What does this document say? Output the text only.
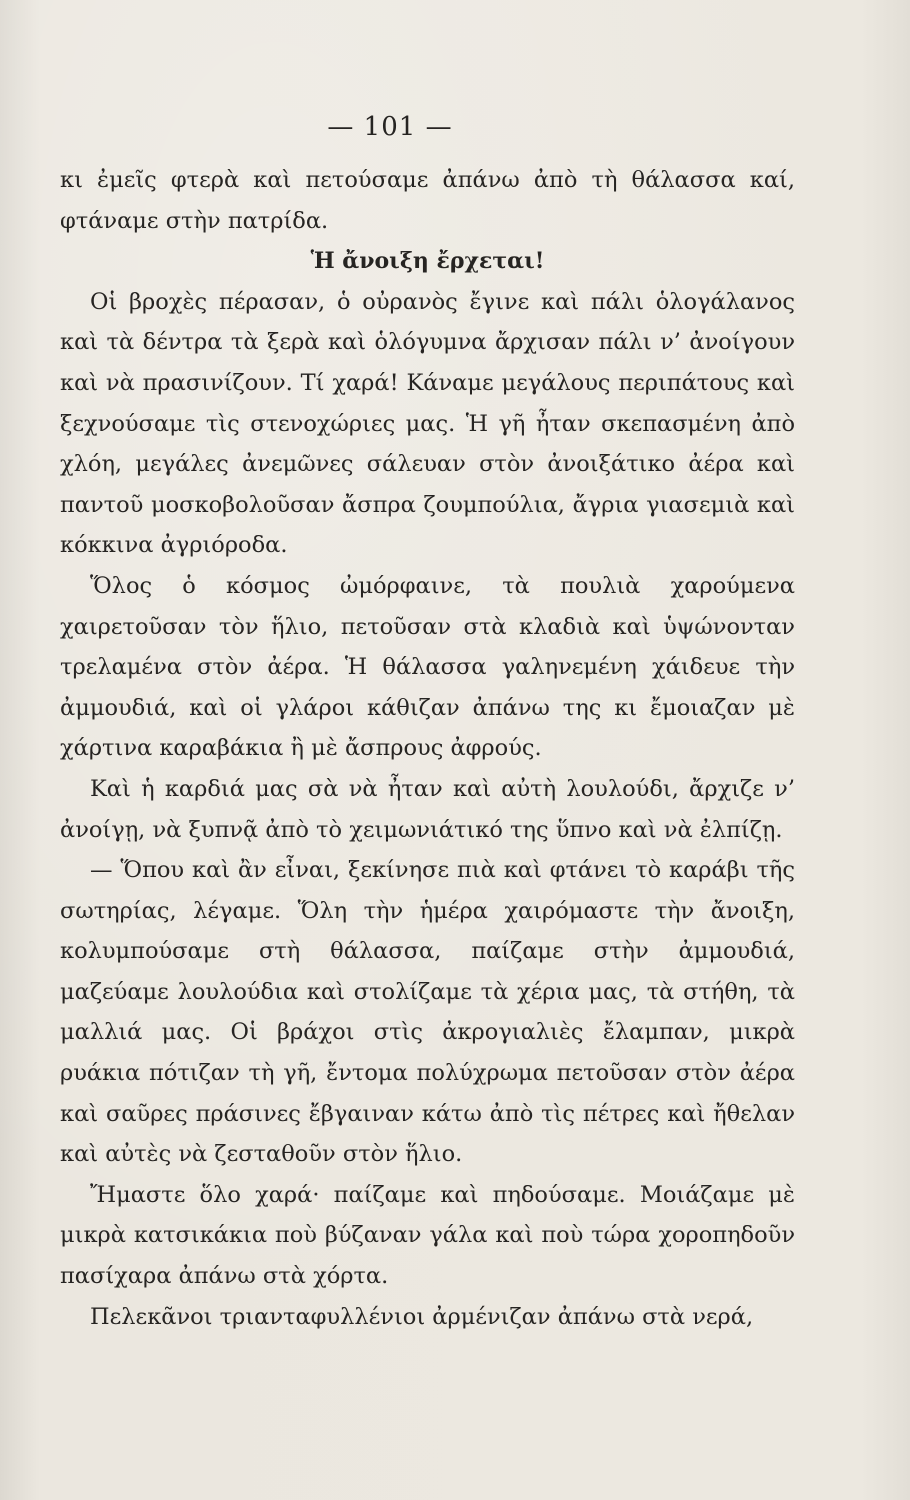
— 101 —

κι ἐμεῖς φτερὰ καὶ πετούσαμε ἀπάνω ἀπὸ τὴ θάλασσα καί, φτάναμε στὴν πατρίδα.

Ἡ ἄνοιξη ἔρχεται!

Οἱ βροχὲς πέρασαν, ὁ οὐρανὸς ἔγινε καὶ πάλι ὁλογάλανος καὶ τὰ δέντρα τὰ ξερὰ καὶ ὁλόγυμνα ἄρχισαν πάλι ν’ ἀνοίγουν καὶ νὰ πρασινίζουν. Τί χαρά! Κάναμε μεγάλους περιπάτους καὶ ξεχνούσαμε τὶς στενοχώριες μας. Ἡ γῆ ἦταν σκεπασμένη ἀπὸ χλόη, μεγάλες ἀνεμῶνες σάλευαν στὸν ἀνοιξάτικο ἀέρα καὶ παντοῦ μοσκοβολοῦσαν ἄσπρα ζουμπούλια, ἄγρια γιασεμιὰ καὶ κόκκινα ἀγριόροδα.

Ὅλος ὁ κόσμος ὠμόρφαινε, τὰ πουλιὰ χαρούμενα χαιρετοῦσαν τὸν ἥλιο, πετοῦσαν στὰ κλαδιὰ καὶ ὑψώνονταν τρελαμένα στὸν ἀέρα. Ἡ θάλασσα γαληνεμένη χάιδευε τὴν ἀμμουδιά, καὶ οἱ γλάροι κάθιζαν ἀπάνω της κι ἔμοιαζαν μὲ χάρτινα καραβάκια ἢ μὲ ἄσπρους ἀφρούς.

Καὶ ἡ καρδιά μας σὰ νὰ ἦταν καὶ αὐτὴ λουλούδι, ἄρχιζε ν’ ἀνοίγῃ, νὰ ξυπνᾷ ἀπὸ τὸ χειμωνιάτικό της ὕπνο καὶ νὰ ἐλπίζῃ.

— Ὅπου καὶ ἂν εἶναι, ξεκίνησε πιὰ καὶ φτάνει τὸ καράβι τῆς σωτηρίας, λέγαμε. Ὅλη τὴν ἡμέρα χαιρόμαστε τὴν ἄνοιξη, κολυμπούσαμε στὴ θάλασσα, παίζαμε στὴν ἀμμουδιά, μαζεύαμε λουλούδια καὶ στολίζαμε τὰ χέρια μας, τὰ στήθη, τὰ μαλλιά μας. Οἱ βράχοι στὶς ἀκρογιαλιὲς ἔλαμπαν, μικρὰ ρυάκια πότιζαν τὴ γῆ, ἔντομα πολύχρωμα πετοῦσαν στὸν ἀέρα καὶ σαῦρες πράσινες ἔβγαιναν κάτω ἀπὸ τὶς πέτρες καὶ ἤθελαν καὶ αὐτὲς νὰ ζεσταθοῦν στὸν ἥλιο.

Ἤμαστε ὅλο χαρά· παίζαμε καὶ πηδούσαμε. Μοιάζαμε μὲ μικρὰ κατσικάκια ποὺ βύζαναν γάλα καὶ ποὺ τώρα χοροπηδοῦν πασίχαρα ἀπάνω στὰ χόρτα.

Πελεκᾶνοι τριανταφυλλένιοι ἀρμένιζαν ἀπάνω στὰ νερά,
